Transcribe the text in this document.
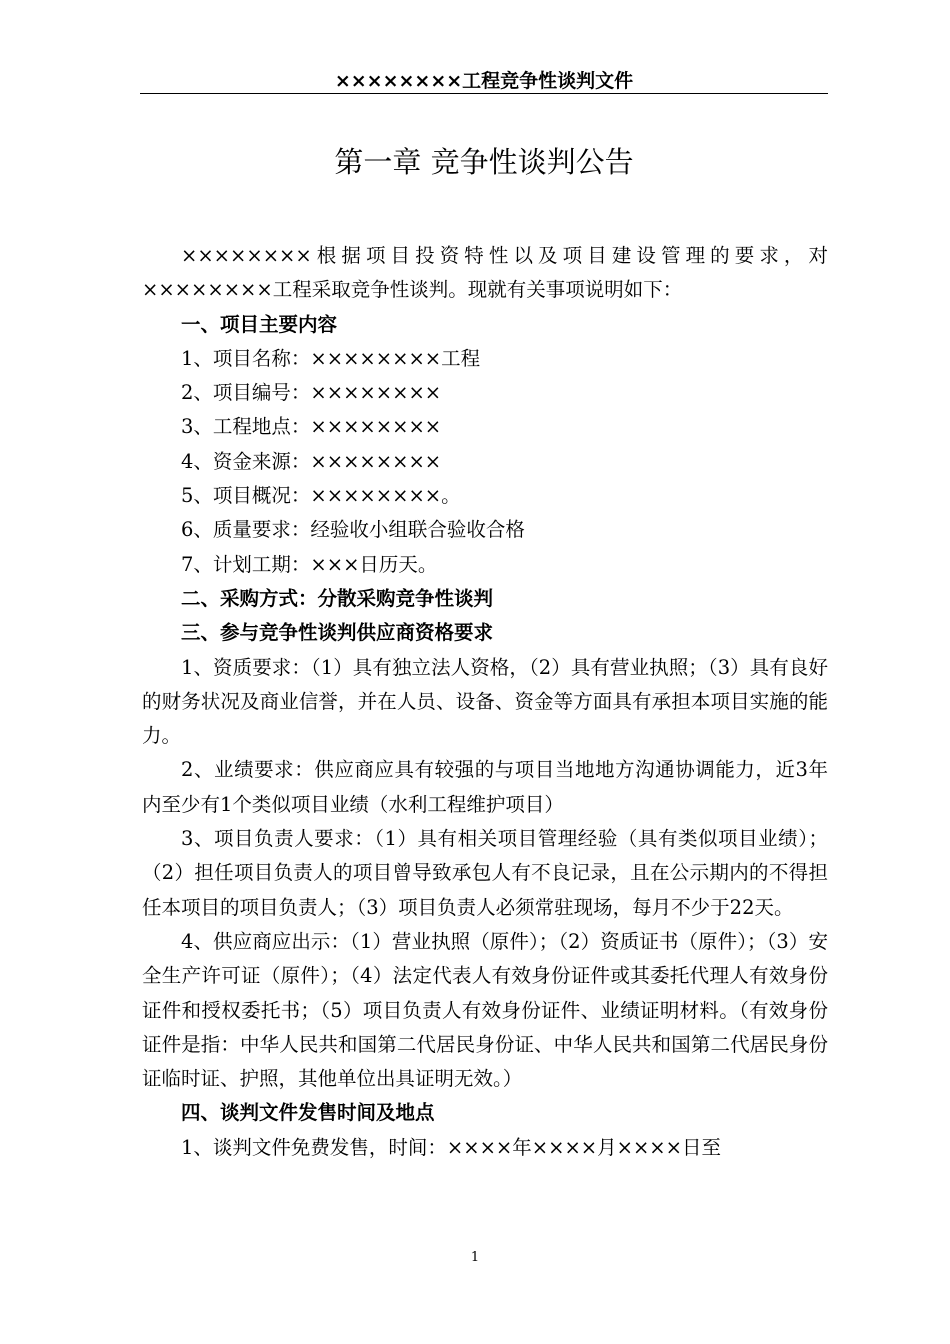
××××××××工程竞争性谈判文件
第一章 竞争性谈判公告

××××××××根据项目投资特性以及项目建设管理的要求，对××××××××工程采取竞争性谈判。现就有关事项说明如下：

一、项目主要内容

1、项目名称：××××××××工程

2、项目编号：××××××××

3、工程地点：××××××××

4、资金来源：××××××××

5、项目概况：××××××××。

6、质量要求：经验收小组联合验收合格

7、计划工期：×××日历天。

二、采购方式：分散采购竞争性谈判

三、参与竞争性谈判供应商资格要求

1、资质要求：（1）具有独立法人资格，（2）具有营业执照；（3）具有良好的财务状况及商业信誉，并在人员、设备、资金等方面具有承担本项目实施的能力。

2、业绩要求：供应商应具有较强的与项目当地地方沟通协调能力，近3年内至少有1个类似项目业绩（水利工程维护项目）

3、项目负责人要求：（1）具有相关项目管理经验（具有类似项目业绩）；（2）担任项目负责人的项目曾导致承包人有不良记录，且在公示期内的不得担任本项目的项目负责人；（3）项目负责人必须常驻现场，每月不少于22天。

4、供应商应出示：（1）营业执照（原件）；（2）资质证书（原件）；（3）安全生产许可证（原件）；（4）法定代表人有效身份证件或其委托代理人有效身份证件和授权委托书；（5）项目负责人有效身份证件、业绩证明材料。（有效身份证件是指：中华人民共和国第二代居民身份证、中华人民共和国第二代居民身份证临时证、护照，其他单位出具证明无效。）

四、谈判文件发售时间及地点

1、谈判文件免费发售，时间：××××年××××月××××日至

1
